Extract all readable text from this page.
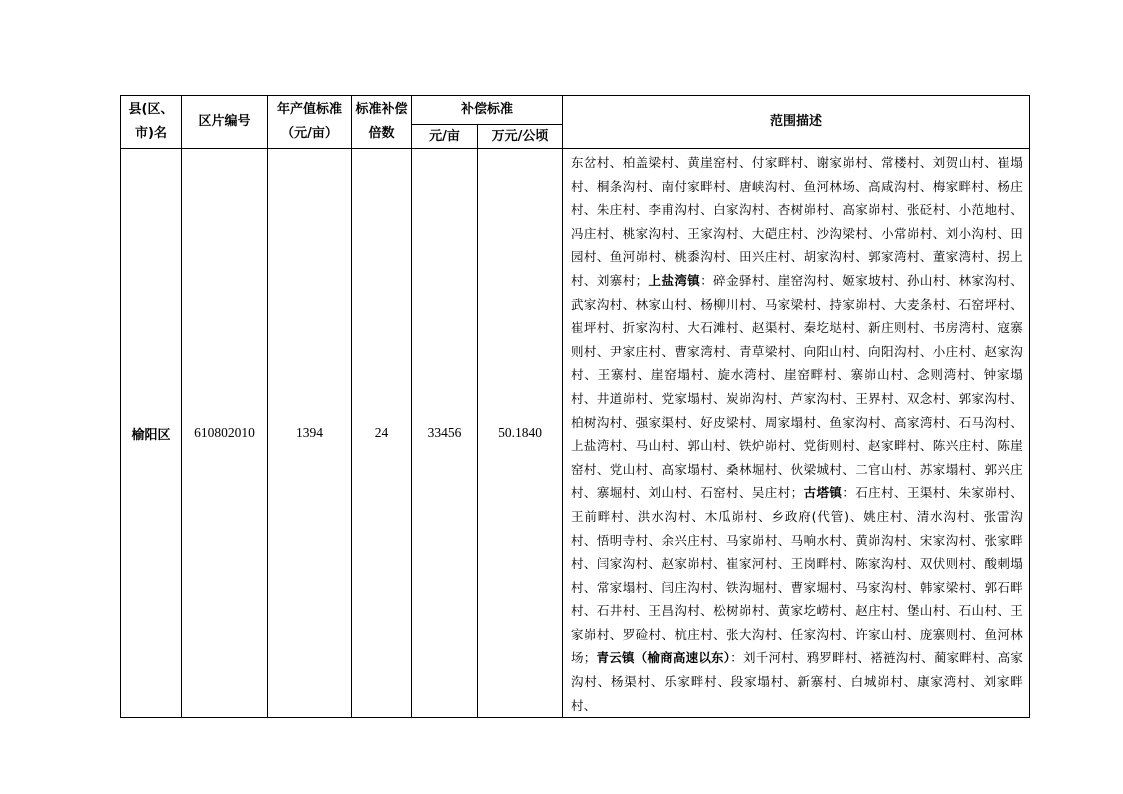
县(区、市)名	区片编号	年产值标准（元/亩）	标准补偿倍数	补偿标准		范围描述
				元/亩	万元/公顷	
榆阳区	610802010	1394	24	33456	50.1840	东岔村、柏盖梁村、黄崖窑村、付家畔村、谢家峁村、常楼村、刘贺山村、崔塌村、桐条沟村、南付家畔村、唐峡沟村、鱼河林场、高咸沟村、梅家畔村、杨庄村、朱庄村、李甫沟村、白家沟村、杏树峁村、高家峁村、张砭村、小范地村、冯庄村、桃家沟村、王家沟村、大硙庄村、沙沟梁村、小常峁村、刘小沟村、田园村、鱼河峁村、桃黍沟村、田兴庄村、胡家沟村、郭家湾村、董家湾村、拐上村、刘寨村；上盐湾镇：碎金驿村、崖窑沟村、姬家坡村、孙山村、林家沟村、武家沟村、林家山村、杨柳川村、马家梁村、持家峁村、大麦条村、石窑坪村、崔坪村、折家沟村、大石滩村、赵渠村、秦圪垯村、新庄则村、书房湾村、寇寨则村、尹家庄村、曹家湾村、青草梁村、向阳山村、向阳沟村、小庄村、赵家沟村、王寨村、崖窑塌村、旋水湾村、崖窑畔村、寨峁山村、念则湾村、钟家塌村、井道峁村、党家塌村、炭峁沟村、芦家沟村、王界村、双念村、郭家沟村、柏树沟村、强家渠村、好皮梁村、周家塌村、鱼家沟村、高家湾村、石马沟村、上盐湾村、马山村、郭山村、铁炉峁村、党街则村、赵家畔村、陈兴庄村、陈崖窑村、党山村、高家塌村、桑林堀村、伙梁城村、二官山村、苏家塌村、郭兴庄村、寨堀村、刘山村、石窑村、吴庄村；古塔镇：石庄村、王渠村、朱家峁村、王前畔村、洪水沟村、木瓜峁村、乡政府(代管)、姚庄村、清水沟村、张雷沟村、悟明寺村、余兴庄村、马家峁村、马响水村、黄峁沟村、宋家沟村、张家畔村、闫家沟村、赵家峁村、崔家河村、王岗畔村、陈家沟村、双伏则村、酸刺塌村、常家塌村、闫庄沟村、铁沟堀村、曹家堀村、马家沟村、韩家梁村、郭石畔村、石井村、王昌沟村、松树峁村、黄家圪崂村、赵庄村、堡山村、石山村、王家峁村、罗硷村、杭庄村、张大沟村、任家沟村、许家山村、庞寨则村、鱼河林场；青云镇（榆商高速以东）：刘千河村、鸦罗畔村、褡裢沟村、蔺家畔村、高家沟村、杨渠村、乐家畔村、段家塌村、新寨村、白城峁村、康家湾村、刘家畔村、
